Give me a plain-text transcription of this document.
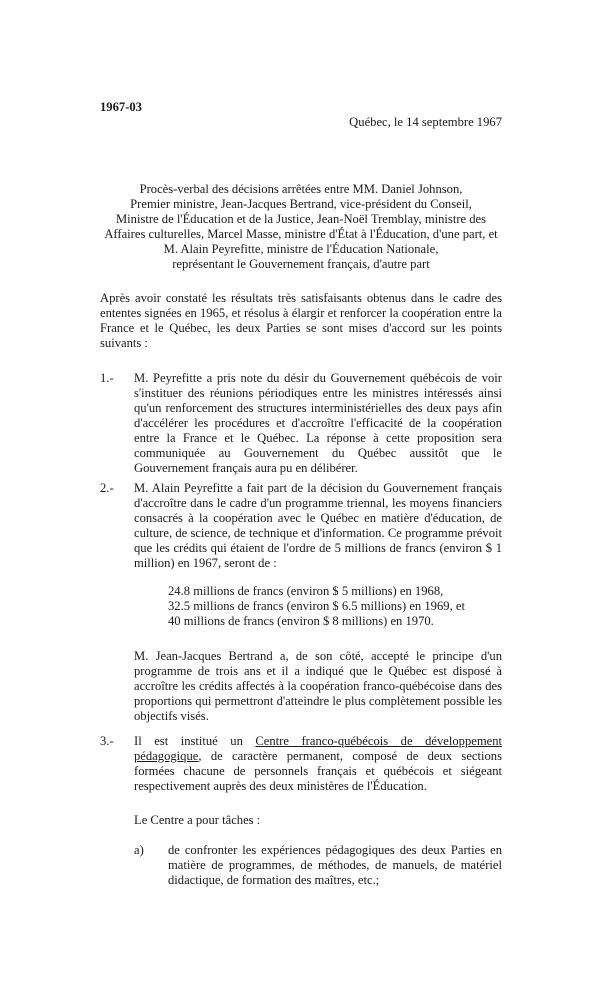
1967-03
Québec, le 14 septembre 1967
Procès-verbal des décisions arrêtées entre MM. Daniel Johnson,
Premier ministre, Jean-Jacques Bertrand, vice-président du Conseil,
Ministre de l'Éducation et de la Justice, Jean-Noël Tremblay, ministre des
Affaires culturelles, Marcel Masse, ministre d'État à l'Éducation, d'une part, et
M. Alain Peyrefitte, ministre de l'Éducation Nationale,
représentant le Gouvernement français, d'autre part
Après avoir constaté les résultats très satisfaisants obtenus dans le cadre des ententes signées en 1965, et résolus à élargir et renforcer la coopération entre la France et le Québec, les deux Parties se sont mises d'accord sur les points suivants :
1.- M. Peyrefitte a pris note du désir du Gouvernement québécois de voir s'instituer des réunions périodiques entre les ministres intéressés ainsi qu'un renforcement des structures interministérielles des deux pays afin d'accélérer les procédures et d'accroître l'efficacité de la coopération entre la France et le Québec. La réponse à cette proposition sera communiquée au Gouvernement du Québec aussitôt que le Gouvernement français aura pu en délibérer.
2.- M. Alain Peyrefitte a fait part de la décision du Gouvernement français d'accroître dans le cadre d'un programme triennal, les moyens financiers consacrés à la coopération avec le Québec en matière d'éducation, de culture, de science, de technique et d'information. Ce programme prévoit que les crédits qui étaient de l'ordre de 5 millions de francs (environ $ 1 million) en 1967, seront de :
24.8 millions de francs (environ $ 5 millions) en 1968,
32.5 millions de francs (environ $ 6.5 millions) en 1969, et
40 millions de francs (environ $ 8 millions) en 1970.
M. Jean-Jacques Bertrand a, de son côté, accepté le principe d'un programme de trois ans et il a indiqué que le Québec est disposé à accroître les crédits affectés à la coopération franco-québécoise dans des proportions qui permettront d'atteindre le plus complètement possible les objectifs visés.
3.- Il est institué un Centre franco-québécois de développement pédagogique, de caractère permanent, composé de deux sections formées chacune de personnels français et québécois et siégeant respectivement auprès des deux ministères de l'Éducation.
Le Centre a pour tâches :
a) de confronter les expériences pédagogiques des deux Parties en matière de programmes, de méthodes, de manuels, de matériel didactique, de formation des maîtres, etc.;
